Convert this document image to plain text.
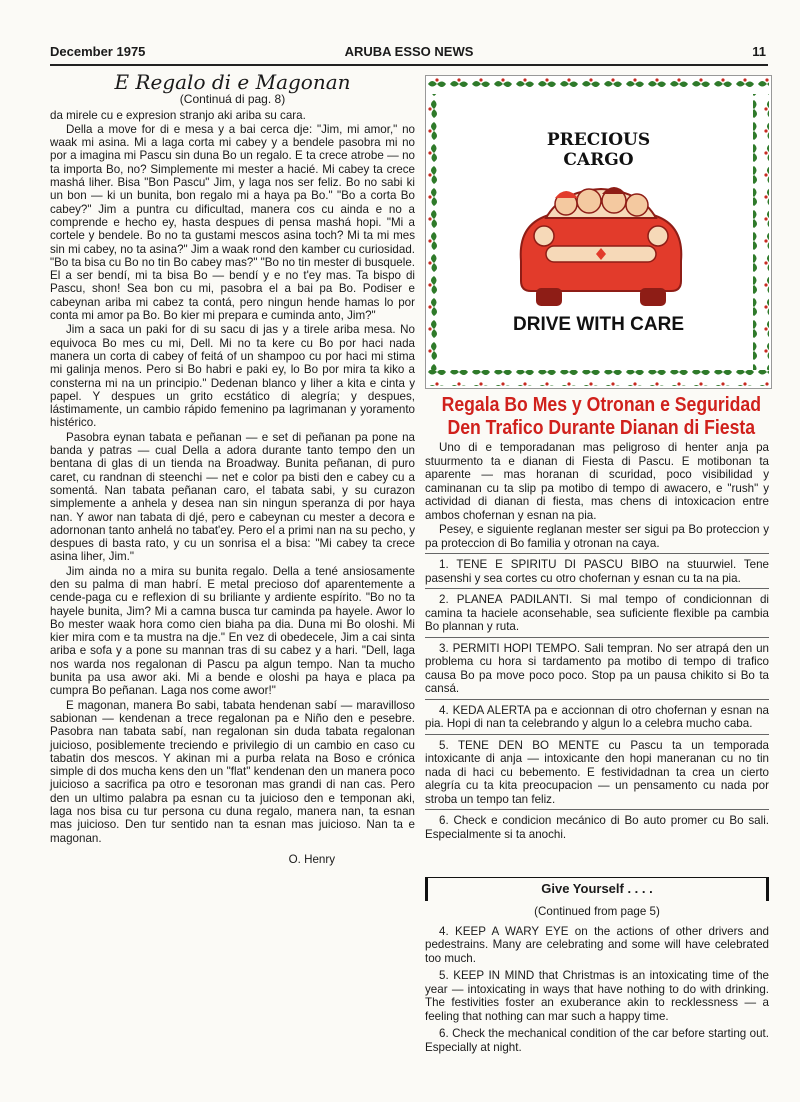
December 1975	ARUBA ESSO NEWS	11
E Regalo di e Magonan
(Continuá di pag. 8)

da mirele cu e expresion stranjo aki ariba su cara.

Della a move for di e mesa y a bai cerca dje: "Jim, mi amor," no waak mi asina. Mi a laga corta mi cabey y a bendele pasobra mi no por a imagina mi Pascu sin duna Bo un regalo. E ta crece atrobe — no ta importa Bo, no? Simplemente mi mester a hacié. Mi cabey ta crece mashá liher. Bisa "Bon Pascu" Jim, y laga nos ser feliz. Bo no sabi ki un bon — ki un bunita, bon regalo mi a haya pa Bo." "Bo a corta Bo cabey?" Jim a puntra cu dificultad, manera cos cu ainda e no a comprende e hecho ey, hasta despues di pensa mashá hopi. "Mi a cortele y bendele. Bo no ta gustami mescos asina toch? Mi ta mi mes sin mi cabey, no ta asina?" Jim a waak rond den kamber cu curiosidad. "Bo ta bisa cu Bo no tin Bo cabey mas?" "Bo no tin mester di busquele. El a ser bendí, mi ta bisa Bo — bendí y e no t'ey mas. Ta bispo di Pascu, shon! Sea bon cu mi, pasobra el a bai pa Bo. Podiser e cabeynan ariba mi cabez ta contá, pero ningun hende hamas lo por conta mi amor pa Bo. Bo kier mi prepara e cuminda anto, Jim?"

Jim a saca un paki for di su sacu di jas y a tirele ariba mesa. No equivoca Bo mes cu mi, Dell. Mi no ta kere cu Bo por haci nada manera un corta di cabey of feitá of un shampoo cu por haci mi stima mi galinja menos. Pero si Bo habri e paki ey, lo Bo por mira ta kiko a consterna mi na un principio." Dedenan blanco y liher a kita e cinta y papel. Y despues un grito ecstático di alegría; y despues, lástimamente, un cambio rápido femenino pa lagrimanan y yoramento histérico.

Pasobra eynan tabata e peñanan — e set di peñanan pa pone na banda y patras — cual Della a adora durante tanto tempo den un bentana di glas di un tienda na Broadway. Bunita peñanan, di puro caret, cu randnan di steenchi — net e color pa bisti den e cabey cu a somentá. Nan tabata peñanan caro, el tabata sabi, y su curazon simplemente a anhela y desea nan sin ningun speranza di por haya nan. Y awor nan tabata di djé, pero e cabeynan cu mester a decora e adornonan tanto anhelá no tabat'ey. Pero el a primi nan na su pecho, y despues di basta rato, y cu un sonrisa el a bisa: "Mi cabey ta crece asina liher, Jim."

Jim ainda no a mira su bunita regalo. Della a tené ansiosamente den su palma di man habrí. E metal precioso dof aparentemente a cende-paga cu e reflexion di su briliante y ardiente espírito. "Bo no ta hayele bunita, Jim? Mi a camna busca tur caminda pa hayele. Awor lo Bo mester waak hora como cien biaha pa dia. Duna mi Bo oloshi. Mi kier mira com e ta mustra na dje." En vez di obedecele, Jim a cai sinta ariba e sofa y a pone su mannan tras di su cabez y a hari. "Dell, laga nos warda nos regalonan di Pascu pa algun tempo. Nan ta mucho bunita pa usa awor aki. Mi a bende e oloshi pa haya e placa pa cumpra Bo peñanan. Laga nos come awor!"

E magonan, manera Bo sabi, tabata hendenan sabí — maravilloso sabionan — kendenan a trece regalonan pa e Niño den e pesebre. Pasobra nan tabata sabí, nan regalonan sin duda tabata regalonan juicioso, posiblemente treciendo e privilegio di un cambio en caso cu tabatin dos mescos. Y akinan mi a purba relata na Boso e crónica simple di dos mucha kens den un "flat" kendenan den un manera poco juicioso a sacrifica pa otro e tesoronan mas grandi di nan cas. Pero den un ultimo palabra pa esnan cu ta juicioso den e temponan aki, laga nos bisa cu tur persona cu duna regalo, manera nan, ta esnan mas juicioso. Den tur sentido nan ta esnan mas juicioso. Nan ta e magonan.

O. Henry
PRECIOUS
CARGO
DRIVE WITH CARE
Regala Bo Mes y Otronan e Seguridad
Den Trafico Durante Dianan di Fiesta

Uno di e temporadanan mas peligroso di henter anja pa stuurmento ta e dianan di Fiesta di Pascu. E motibonan ta aparente — mas horanan di scuridad, poco visibilidad y caminanan cu ta slip pa motibo di tempo di awacero, e "rush" y actividad di dianan di fiesta, mas chens di intoxicacion entre ambos chofernan y esnan na pia.

Pesey, e siguiente reglanan mester ser sigui pa Bo proteccion y pa proteccion di Bo familia y otronan na caya.

1. TENE E SPIRITU DI PASCU BIBO na stuurwiel. Tene pasenshi y sea cortes cu otro chofernan y esnan cu ta na pia.

2. PLANEA PADILANTI. Si mal tempo of condicionnan di camina ta haciele aconsehable, sea suficiente flexible pa cambia Bo plannan y ruta.

3. PERMITI HOPI TEMPO. Sali tempran. No ser atrapá den un problema cu hora si tardamento pa motibo di tempo di trafico causa Bo pa move poco poco. Stop pa un pausa chikito si Bo ta cansá.

4. KEDA ALERTA pa e accionnan di otro chofernan y esnan na pia. Hopi di nan ta celebrando y algun lo a celebra mucho caba.

5. TENE DEN BO MENTE cu Pascu ta un temporada intoxicante di anja — intoxicante den hopi maneranan cu no tin nada di haci cu bebemento. E festividadnan ta crea un cierto alegría cu ta kita preocupacion — un pensamento cu nada por stroba un tempo tan feliz.

6. Check e condicion mecánico di Bo auto promer cu Bo sali. Especialmente si ta anochi.

Give Yourself . . . .
(Continued from page 5)

4. KEEP A WARY EYE on the actions of other drivers and pedestrains. Many are celebrating and some will have celebrated too much.

5. KEEP IN MIND that Christmas is an intoxicating time of the year — intoxicating in ways that have nothing to do with drinking. The festivities foster an exuberance akin to recklessness — a feeling that nothing can mar such a happy time.

6. Check the mechanical condition of the car before starting out. Especially at night.
